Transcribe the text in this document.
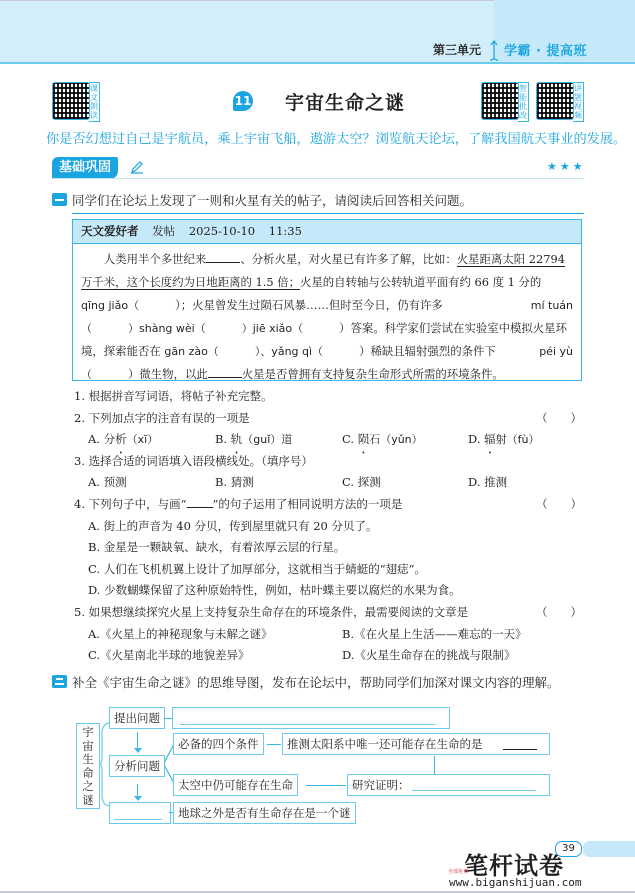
第三单元 学霸 · 提高班
课文朗读
智能批改
讲题视频
11 宇宙生命之谜
你是否幻想过自己是宇航员，乘上宇宙飞船，遨游太空？浏览航天论坛，了解我国航天事业的发展。
基础巩固	★★★
同学们在论坛上发现了一则和火星有关的帖子，请阅读后回答相关问题。
天文爱好者 发帖 2025-10-10 11:35

人类用半个多世纪来	、分析火星，对火星已有许多了解，比如：火星距离太阳 22794

万千米，这个长度约为日地距离的 1.5 倍；火星的自转轴与公转轨道平面有约 66 度 1 分的

qīng jiǎo（	）；火星曾发生过陨石风暴……但时至今日，仍有许多	mí tuán

（	）shàng wèi（	）jiē xiǎo（	）答案。科学家们尝试在实验室中模拟火星环

境，探索能否在 gān zào（	）、yǎng qì（	）稀缺且辐射强烈的条件下	péi yù

（	）微生物，以此	火星是否曾拥有支持复杂生命形式所需的环境条件。

1. 根据拼音写词语，将帖子补充完整。
2. 下列加点字的注音有误的一项是	（　　）
A. 分析（xī）	B. 轨（guǐ）道	C. 陨石（yǔn）	D. 辐射（fù）
3. 选择合适的词语填入语段横线处。（填序号）
A. 预测	B. 猜测	C. 探测	D. 推测
4. 下列句子中，与画“ ”的句子运用了相同说明方法的一项是	（　　）
A. 街上的声音为 40 分贝，传到屋里就只有 20 分贝了。
B. 金星是一颗缺氧、缺水，有着浓厚云层的行星。
C. 人们在飞机机翼上设计了加厚部分，这就相当于蜻蜓的“翅痣”。
D. 少数蝴蝶保留了这种原始特性，例如，枯叶蝶主要以腐烂的水果为食。
5. 如果想继续探究火星上支持复杂生命存在的环境条件，最需要阅读的文章是	（　　）
A.《火星上的神秘现象与未解之谜》	B.《在火星上生活——难忘的一天》
C.《火星南北半球的地貌差异》	D.《火星生命存在的挑战与限制》
补全《宇宙生命之谜》的思维导图，发布在论坛中，帮助同学们加深对课文内容的理解。
宇宙生命之谜
提出问题
分析问题
必备的四个条件	推测太阳系中唯一还可能存在生命的是
太空中仍可能存在生命	研究证明：
地球之外是否有生命存在是一个谜
39
笔杆试卷
全部免费
www.biganshijuan.com
